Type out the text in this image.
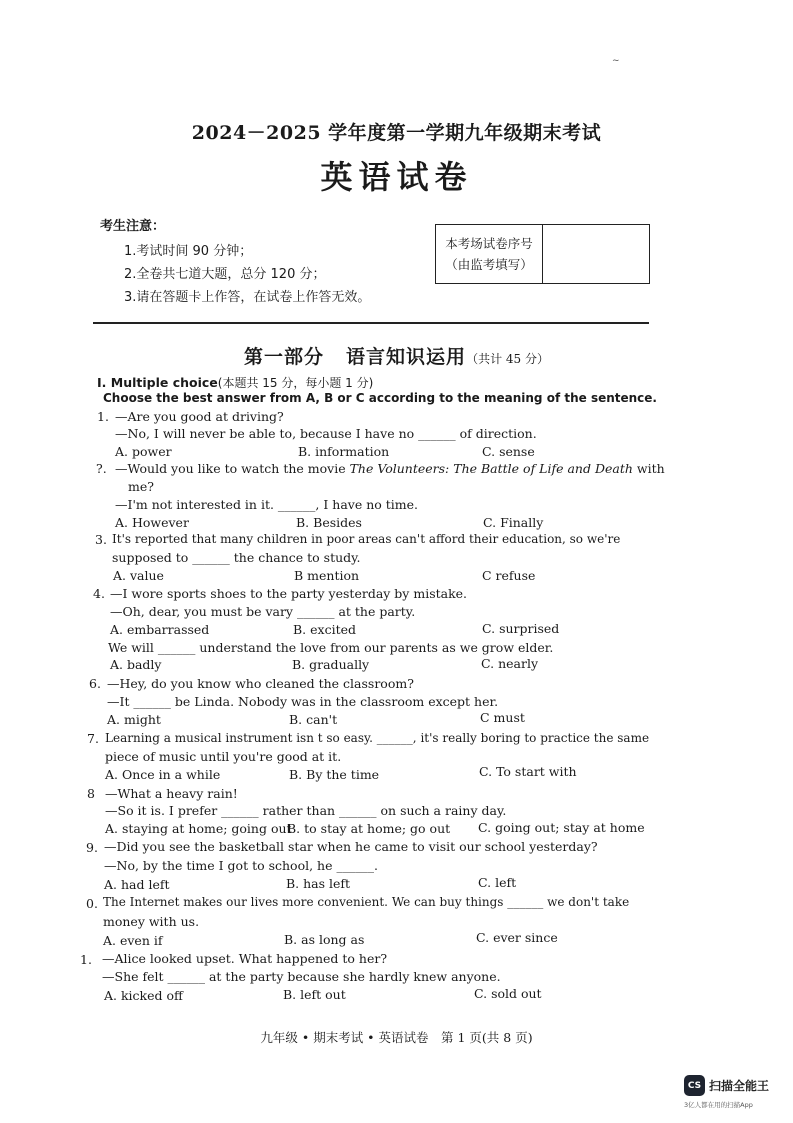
~
2024－2025 学年度第一学期九年级期末考试
英语试卷
考生注意：
1.考试时间 90 分钟；
2.全卷共七道大题，总分 120 分；
3.请在答题卡上作答，在试卷上作答无效。
本考场试卷序号
（由监考填写）
第一部分 语言知识运用（共计 45 分）
Ⅰ. Multiple choice(本题共 15 分，每小题 1 分)
Choose the best answer from A, B or C according to the meaning of the sentence.
1. —Are you good at driving?
—No, I will never be able to, because I have no ______ of direction.
A. power	B. information	C. sense
?. —Would you like to watch the movie The Volunteers: The Battle of Life and Death with
me?
—I'm not interested in it. ______, I have no time.
A. However	B. Besides	C. Finally
3. It's reported that many children in poor areas can't afford their education, so we're
supposed to ______ the chance to study.
A. value	B mention	C refuse
4. —I wore sports shoes to the party yesterday by mistake.
—Oh, dear, you must be vary ______ at the party.
A. embarrassed	B. excited	C. surprised
We will ______ understand the love from our parents as we grow elder.
A. badly	B. gradually	C. nearly
6. —Hey, do you know who cleaned the classroom?
—It ______ be Linda. Nobody was in the classroom except her.
A. might	B. can't	C must
7. Learning a musical instrument isn t so easy. ______, it's really boring to practice the same
piece of music until you're good at it.
A. Once in a while	B. By the time	C. To start with
8 —What a heavy rain!
—So it is. I prefer ______ rather than ______ on such a rainy day.
A. staying at home; going out
B. to stay at home; go out C. going out; stay at home
9. —Did you see the basketball star when he came to visit our school yesterday?
—No, by the time I got to school, he ______.
A. had left	B. has left	C. left
0. The Internet makes our lives more convenient. We can buy things ______ we don't take
money with us.
A. even if	B. as long as	C. ever since
1. —Alice looked upset. What happened to her?
—She felt ______ at the party because she hardly knew anyone.
A. kicked off	B. left out	C. sold out
九年级 • 期末考试 • 英语试卷　第 1 页(共 8 页)
CS 扫描全能王
3亿人都在用的扫描App
